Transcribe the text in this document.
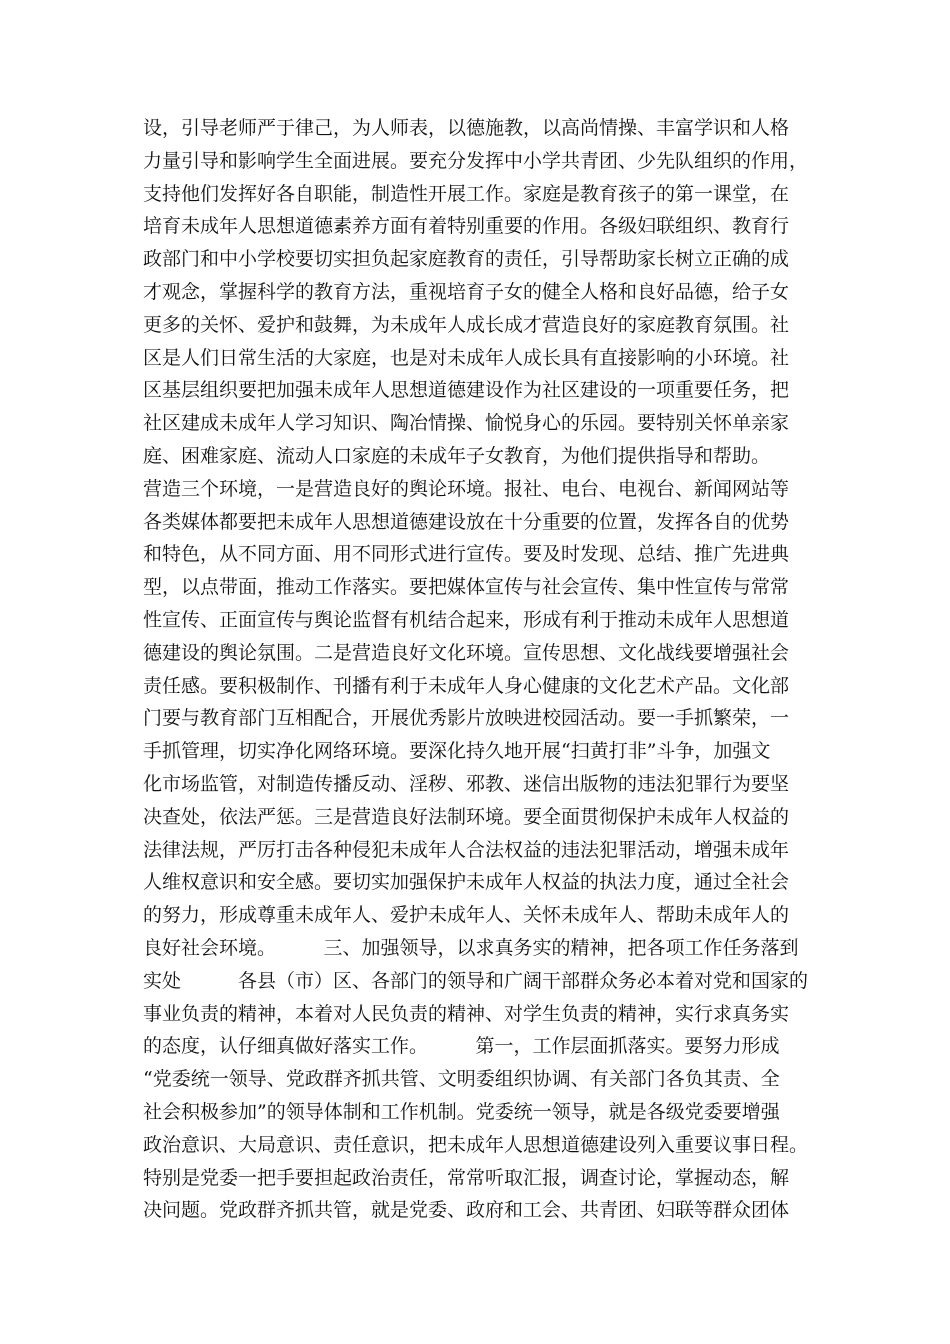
设，引导老师严于律己，为人师表，以德施教，以高尚情操、丰富学识和人格
力量引导和影响学生全面进展。要充分发挥中小学共青团、少先队组织的作用，
支持他们发挥好各自职能，制造性开展工作。家庭是教育孩子的第一课堂，在
培育未成年人思想道德素养方面有着特别重要的作用。各级妇联组织、教育行
政部门和中小学校要切实担负起家庭教育的责任，引导帮助家长树立正确的成
才观念，掌握科学的教育方法，重视培育子女的健全人格和良好品德，给子女
更多的关怀、爱护和鼓舞，为未成年人成长成才营造良好的家庭教育氛围。社
区是人们日常生活的大家庭，也是对未成年人成长具有直接影响的小环境。社
区基层组织要把加强未成年人思想道德建设作为社区建设的一项重要任务，把
社区建成未成年人学习知识、陶冶情操、愉悦身心的乐园。要特别关怀单亲家
庭、困难家庭、流动人口家庭的未成年子女教育，为他们提供指导和帮助。
营造三个环境，一是营造良好的舆论环境。报社、电台、电视台、新闻网站等
各类媒体都要把未成年人思想道德建设放在十分重要的位置，发挥各自的优势
和特色，从不同方面、用不同形式进行宣传。要及时发现、总结、推广先进典
型，以点带面，推动工作落实。要把媒体宣传与社会宣传、集中性宣传与常常
性宣传、正面宣传与舆论监督有机结合起来，形成有利于推动未成年人思想道
德建设的舆论氛围。二是营造良好文化环境。宣传思想、文化战线要增强社会
责任感。要积极制作、刊播有利于未成年人身心健康的文化艺术产品。文化部
门要与教育部门互相配合，开展优秀影片放映进校园活动。要一手抓繁荣，一
手抓管理，切实净化网络环境。要深化持久地开展“扫黄打非”斗争，加强文
化市场监管，对制造传播反动、淫秽、邪教、迷信出版物的违法犯罪行为要坚
决查处，依法严惩。三是营造良好法制环境。要全面贯彻保护未成年人权益的
法律法规，严厉打击各种侵犯未成年人合法权益的违法犯罪活动，增强未成年
人维权意识和安全感。要切实加强保护未成年人权益的执法力度，通过全社会
的努力，形成尊重未成年人、爱护未成年人、关怀未成年人、帮助未成年人的
良好社会环境。　　　三、加强领导，以求真务实的精神，把各项工作任务落到
实处　　　各县（市）区、各部门的领导和广阔干部群众务必本着对党和国家的
事业负责的精神，本着对人民负责的精神、对学生负责的精神，实行求真务实
的态度，认仔细真做好落实工作。　　　第一，工作层面抓落实。要努力形成
“党委统一领导、党政群齐抓共管、文明委组织协调、有关部门各负其责、全
社会积极参加”的领导体制和工作机制。党委统一领导，就是各级党委要增强
政治意识、大局意识、责任意识，把未成年人思想道德建设列入重要议事日程。
特别是党委一把手要担起政治责任，常常听取汇报，调查讨论，掌握动态，解
决问题。党政群齐抓共管，就是党委、政府和工会、共青团、妇联等群众团体
